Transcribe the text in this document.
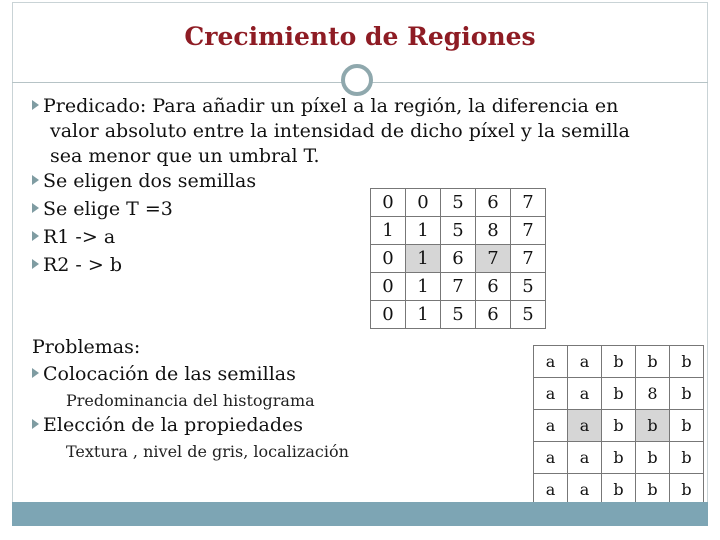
Crecimiento de Regiones
Predicado: Para añadir un píxel a la región, la diferencia en
valor absoluto entre la intensidad de dicho píxel y la semilla
sea menor que un umbral T.
Se eligen dos semillas
Se elige T =3
R1 -> a
R2 - > b
0	0	5	6	7
1	1	5	8	7
0	1	6	7	7
0	1	7	6	5
0	1	5	6	5
Problemas:
Colocación de las semillas
Predominancia del histograma
Elección de la propiedades
Textura , nivel de gris, localización
a	a	b	b	b
a	a	b	8	b
a	a	b	b	b
a	a	b	b	b
a	a	b	b	b
